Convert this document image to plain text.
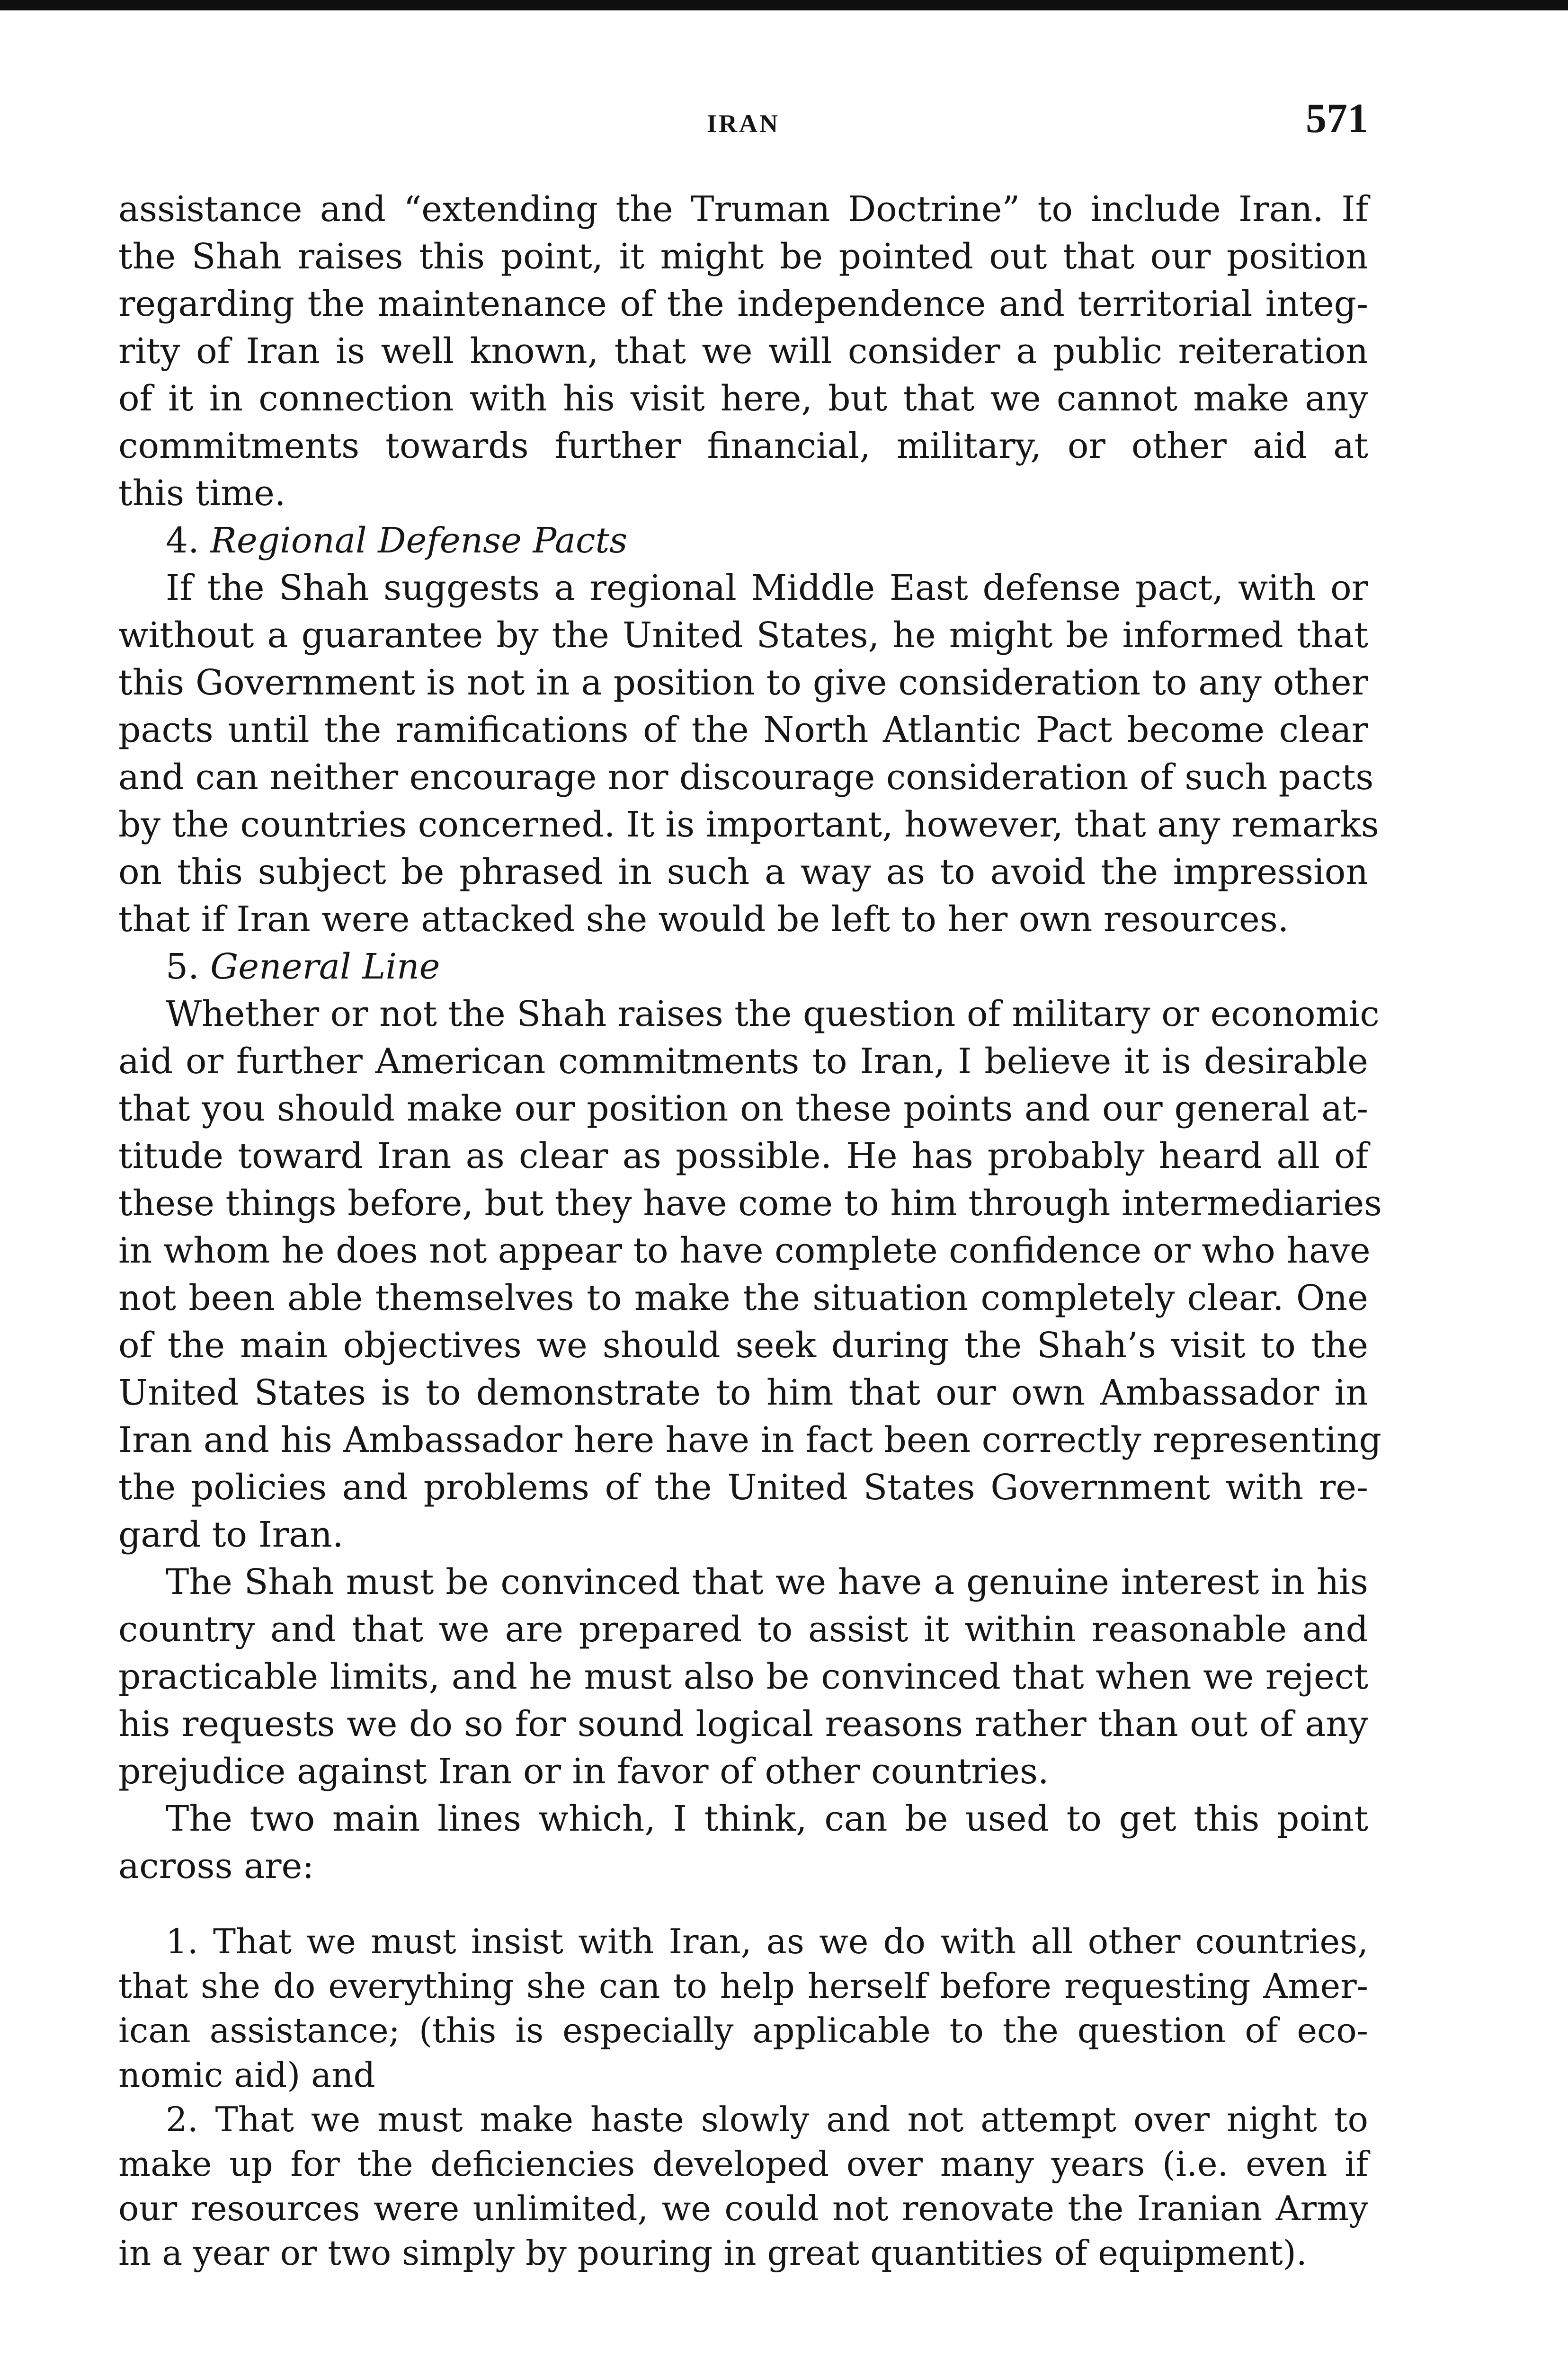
IRAN	571
assistance and “extending the Truman Doctrine” to include Iran. If
the Shah raises this point, it might be pointed out that our position
regarding the maintenance of the independence and territorial integ-
rity of Iran is well known, that we will consider a public reiteration
of it in connection with his visit here, but that we cannot make any
commitments towards further financial, military, or other aid at
this time.
4. Regional Defense Pacts
If the Shah suggests a regional Middle East defense pact, with or
without a guarantee by the United States, he might be informed that
this Government is not in a position to give consideration to any other
pacts until the ramifications of the North Atlantic Pact become clear
and can neither encourage nor discourage consideration of such pacts
by the countries concerned. It is important, however, that any remarks
on this subject be phrased in such a way as to avoid the impression
that if Iran were attacked she would be left to her own resources.
5. General Line
Whether or not the Shah raises the question of military or economic
aid or further American commitments to Iran, I believe it is desirable
that you should make our position on these points and our general at-
titude toward Iran as clear as possible. He has probably heard all of
these things before, but they have come to him through intermediaries
in whom he does not appear to have complete confidence or who have
not been able themselves to make the situation completely clear. One
of the main objectives we should seek during the Shah’s visit to the
United States is to demonstrate to him that our own Ambassador in
Iran and his Ambassador here have in fact been correctly representing
the policies and problems of the United States Government with re-
gard to Iran.
The Shah must be convinced that we have a genuine interest in his
country and that we are prepared to assist it within reasonable and
practicable limits, and he must also be convinced that when we reject
his requests we do so for sound logical reasons rather than out of any
prejudice against Iran or in favor of other countries.
The two main lines which, I think, can be used to get this point
across are:
1. That we must insist with Iran, as we do with all other countries,
that she do everything she can to help herself before requesting Amer-
ican assistance; (this is especially applicable to the question of eco-
nomic aid) and
2. That we must make haste slowly and not attempt over night to
make up for the deficiencies developed over many years (i.e. even if
our resources were unlimited, we could not renovate the Iranian Army
in a year or two simply by pouring in great quantities of equipment).
